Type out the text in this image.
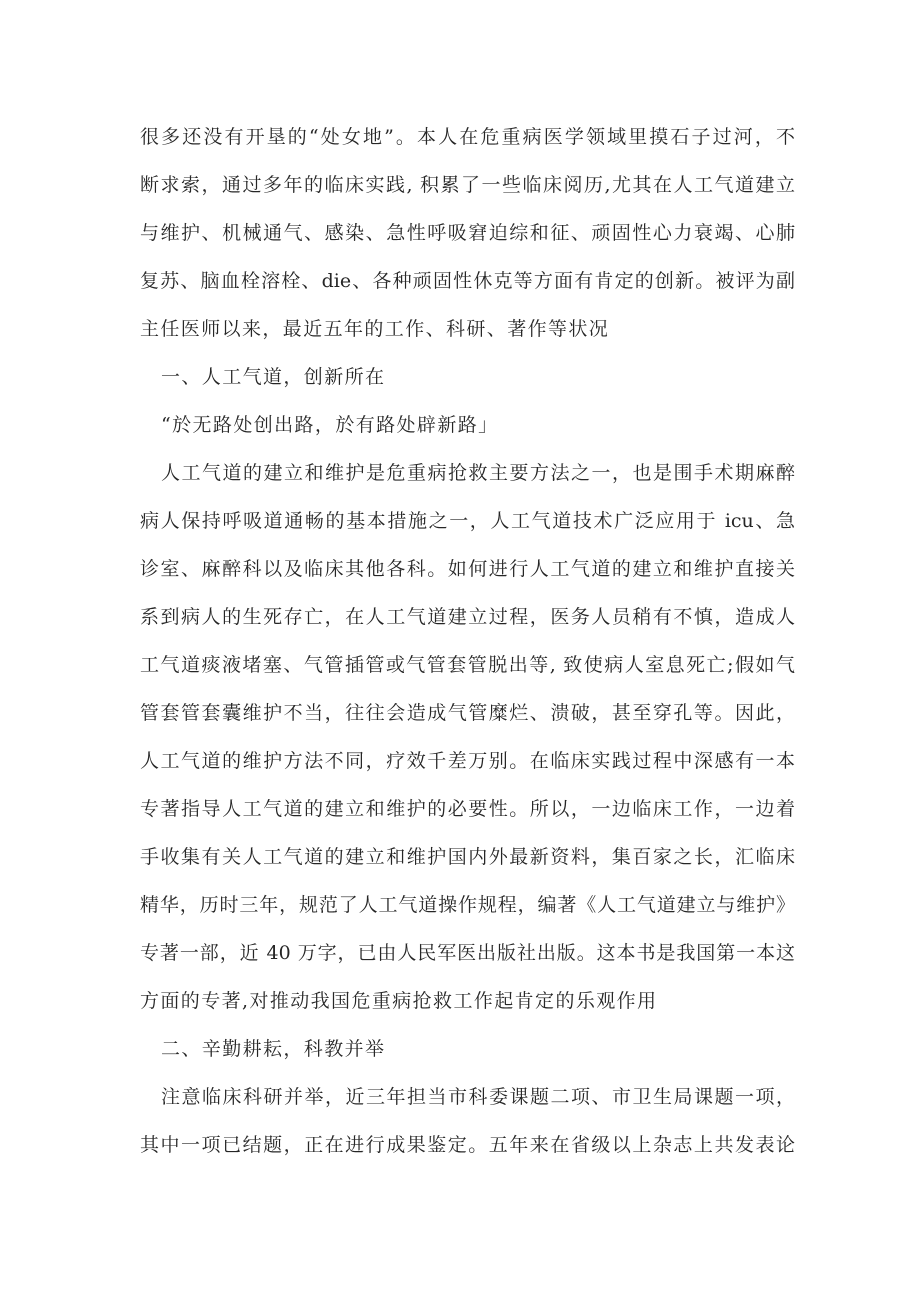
很多还没有开垦的“处女地”。本人在危重病医学领域里摸石子过河，不
断求索，通过多年的临床实践, 积累了一些临床阅历,尤其在人工气道建立
与维护、机械通气、感染、急性呼吸窘迫综和征、顽固性心力衰竭、心肺
复苏、脑血栓溶栓、die、各种顽固性休克等方面有肯定的创新。被评为副
主任医师以来，最近五年的工作、科研、著作等状况
一、人工气道，创新所在
“於无路处创出路，於有路处辟新路」
人工气道的建立和维护是危重病抢救主要方法之一，也是围手术期麻醉
病人保持呼吸道通畅的基本措施之一，人工气道技术广泛应用于 icu、急
诊室、麻醉科以及临床其他各科。如何进行人工气道的建立和维护直接关
系到病人的生死存亡，在人工气道建立过程，医务人员稍有不慎，造成人
工气道痰液堵塞、气管插管或气管套管脱出等, 致使病人室息死亡;假如气
管套管套囊维护不当，往往会造成气管糜烂、溃破，甚至穿孔等。因此，
人工气道的维护方法不同，疗效千差万别。在临床实践过程中深感有一本
专著指导人工气道的建立和维护的必要性。所以，一边临床工作，一边着
手收集有关人工气道的建立和维护国内外最新资料，集百家之长，汇临床
精华，历时三年，规范了人工气道操作规程，编著《人工气道建立与维护》
专著一部，近 40 万字，已由人民军医出版社出版。这本书是我国第一本这
方面的专著,对推动我国危重病抢救工作起肯定的乐观作用
二、辛勤耕耘，科教并举
注意临床科研并举，近三年担当市科委课题二项、市卫生局课题一项，
其中一项已结题，正在进行成果鉴定。五年来在省级以上杂志上共发表论
